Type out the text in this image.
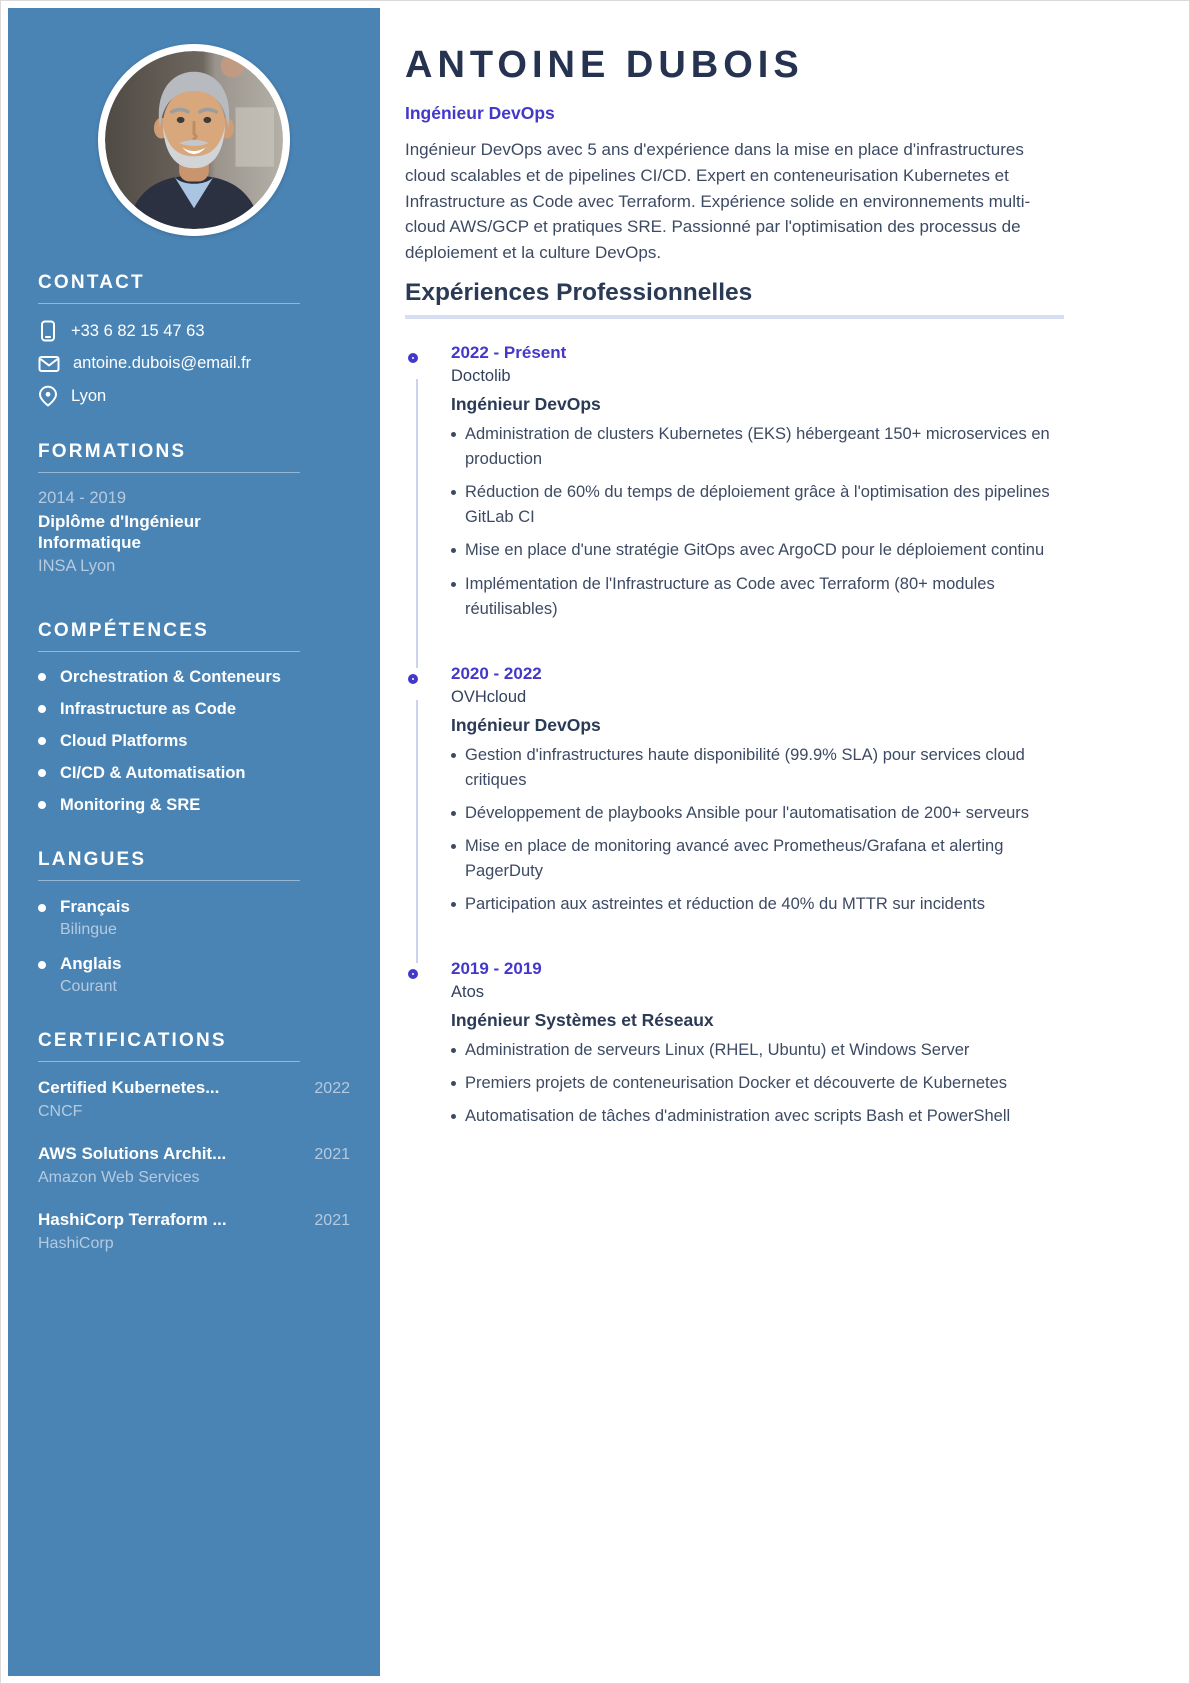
CONTACT
+33 6 82 15 47 63
antoine.dubois@email.fr
Lyon
FORMATIONS
2014 - 2019
Diplôme d'Ingénieur Informatique
INSA Lyon
COMPÉTENCES
Orchestration & Conteneurs
Infrastructure as Code
Cloud Platforms
CI/CD & Automatisation
Monitoring & SRE
LANGUES
Français
Bilingue
Anglais
Courant
CERTIFICATIONS
Certified Kubernetes...	2022
CNCF
AWS Solutions Archit...	2021
Amazon Web Services
HashiCorp Terraform ...	2021
HashiCorp
ANTOINE DUBOIS
Ingénieur DevOps

Ingénieur DevOps avec 5 ans d'expérience dans la mise en place d'infrastructures cloud scalables et de pipelines CI/CD. Expert en conteneurisation Kubernetes et Infrastructure as Code avec Terraform. Expérience solide en environnements multi-cloud AWS/GCP et pratiques SRE. Passionné par l'optimisation des processus de déploiement et la culture DevOps.

Expériences Professionnelles
2022 - Présent
Doctolib
Ingénieur DevOps
Administration de clusters Kubernetes (EKS) hébergeant 150+ microservices en production
Réduction de 60% du temps de déploiement grâce à l'optimisation des pipelines GitLab CI
Mise en place d'une stratégie GitOps avec ArgoCD pour le déploiement continu
Implémentation de l'Infrastructure as Code avec Terraform (80+ modules réutilisables)
2020 - 2022
OVHcloud
Ingénieur DevOps
Gestion d'infrastructures haute disponibilité (99.9% SLA) pour services cloud critiques
Développement de playbooks Ansible pour l'automatisation de 200+ serveurs
Mise en place de monitoring avancé avec Prometheus/Grafana et alerting PagerDuty
Participation aux astreintes et réduction de 40% du MTTR sur incidents
2019 - 2019
Atos
Ingénieur Systèmes et Réseaux
Administration de serveurs Linux (RHEL, Ubuntu) et Windows Server
Premiers projets de conteneurisation Docker et découverte de Kubernetes
Automatisation de tâches d'administration avec scripts Bash et PowerShell
